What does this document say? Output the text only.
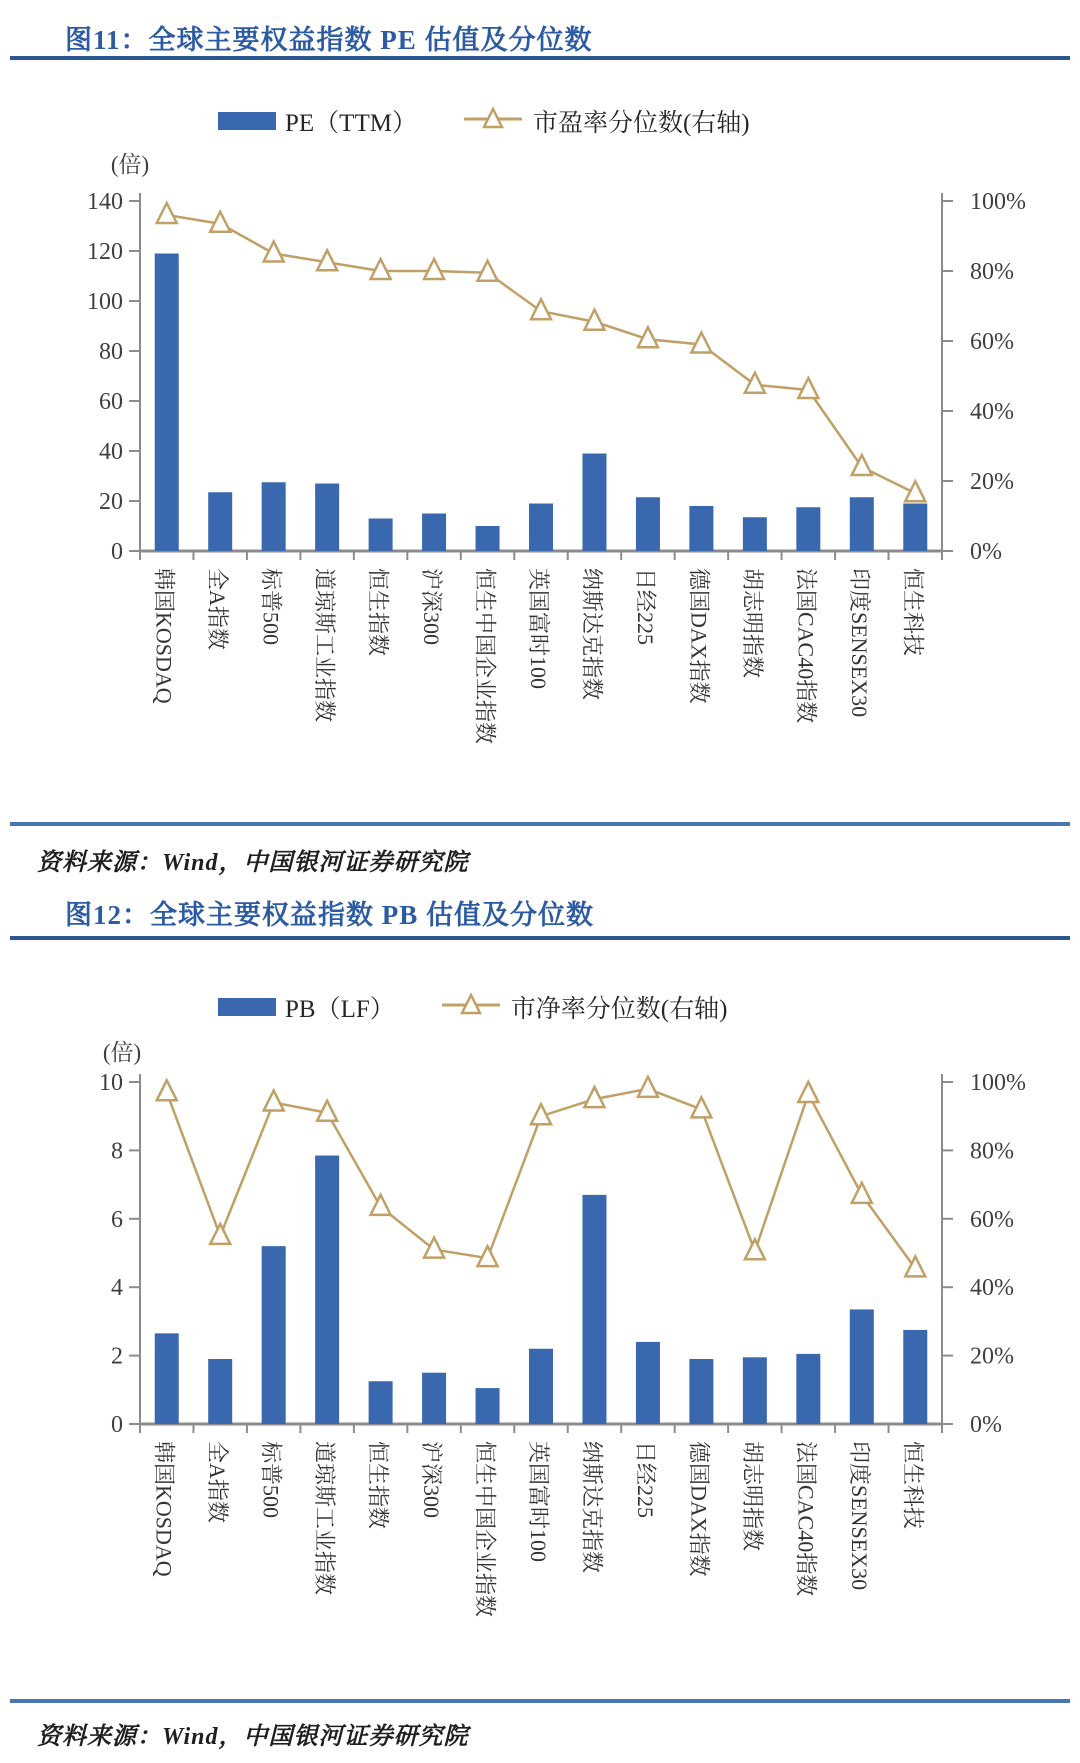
图11：全球主要权益指数 PE 估值及分位数
PE（TTM）	市盈率分位数(右轴)
(倍)
0
20
40
60
80
100
120
140
0%
20%
40%
60%
80%
100%
韩国KOSDAQ 全A指数 标普500 道琼斯工业指数 恒生指数 沪深300 恒生中国企业指数 英国富时100 纳斯达克指数 日经225 德国DAX指数 胡志明指数 法国CAC40指数 印度SENSEX30 恒生科技
资料来源：Wind，中国银河证券研究院
图12：全球主要权益指数 PB 估值及分位数
PB（LF）	市净率分位数(右轴)
(倍)
0
2
4
6
8
10
0%
20%
40%
60%
80%
100%
韩国KOSDAQ 全A指数 标普500 道琼斯工业指数 恒生指数 沪深300 恒生中国企业指数 英国富时100 纳斯达克指数 日经225 德国DAX指数 胡志明指数 法国CAC40指数 印度SENSEX30 恒生科技
资料来源：Wind，中国银河证券研究院
